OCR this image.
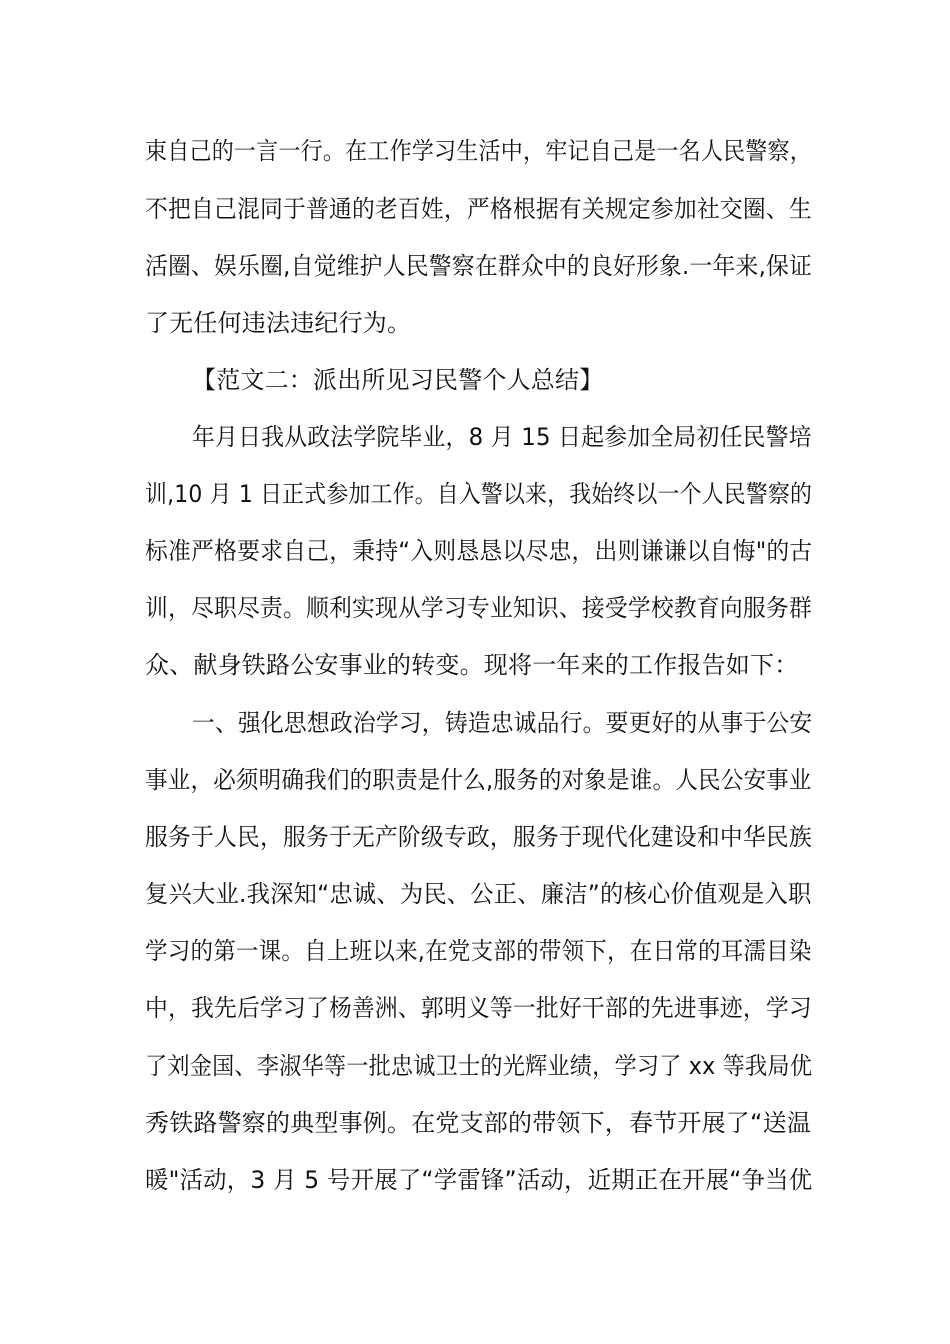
束自己的一言一行。在工作学习生活中，牢记自己是一名人民警察，
不把自己混同于普通的老百姓，严格根据有关规定参加社交圈、生
活圈、娱乐圈,自觉维护人民警察在群众中的良好形象.一年来,保证
了无任何违法违纪行为。
【范文二：派出所见习民警个人总结】
年月日我从政法学院毕业，8 月 15 日起参加全局初任民警培
训,10 月 1 日正式参加工作。自入警以来，我始终以一个人民警察的
标准严格要求自己，秉持“入则恳恳以尽忠，出则谦谦以自悔"的古
训，尽职尽责。顺利实现从学习专业知识、接受学校教育向服务群
众、献身铁路公安事业的转变。现将一年来的工作报告如下：
一、强化思想政治学习，铸造忠诚品行。要更好的从事于公安
事业，必须明确我们的职责是什么,服务的对象是谁。人民公安事业
服务于人民，服务于无产阶级专政，服务于现代化建设和中华民族
复兴大业.我深知“忠诚、为民、公正、廉洁”的核心价值观是入职
学习的第一课。自上班以来,在党支部的带领下，在日常的耳濡目染
中，我先后学习了杨善洲、郭明义等一批好干部的先进事迹，学习
了刘金国、李淑华等一批忠诚卫士的光辉业绩，学习了 xx 等我局优
秀铁路警察的典型事例。在党支部的带领下，春节开展了“送温
暖"活动，3 月 5 号开展了“学雷锋”活动，近期正在开展“争当优
